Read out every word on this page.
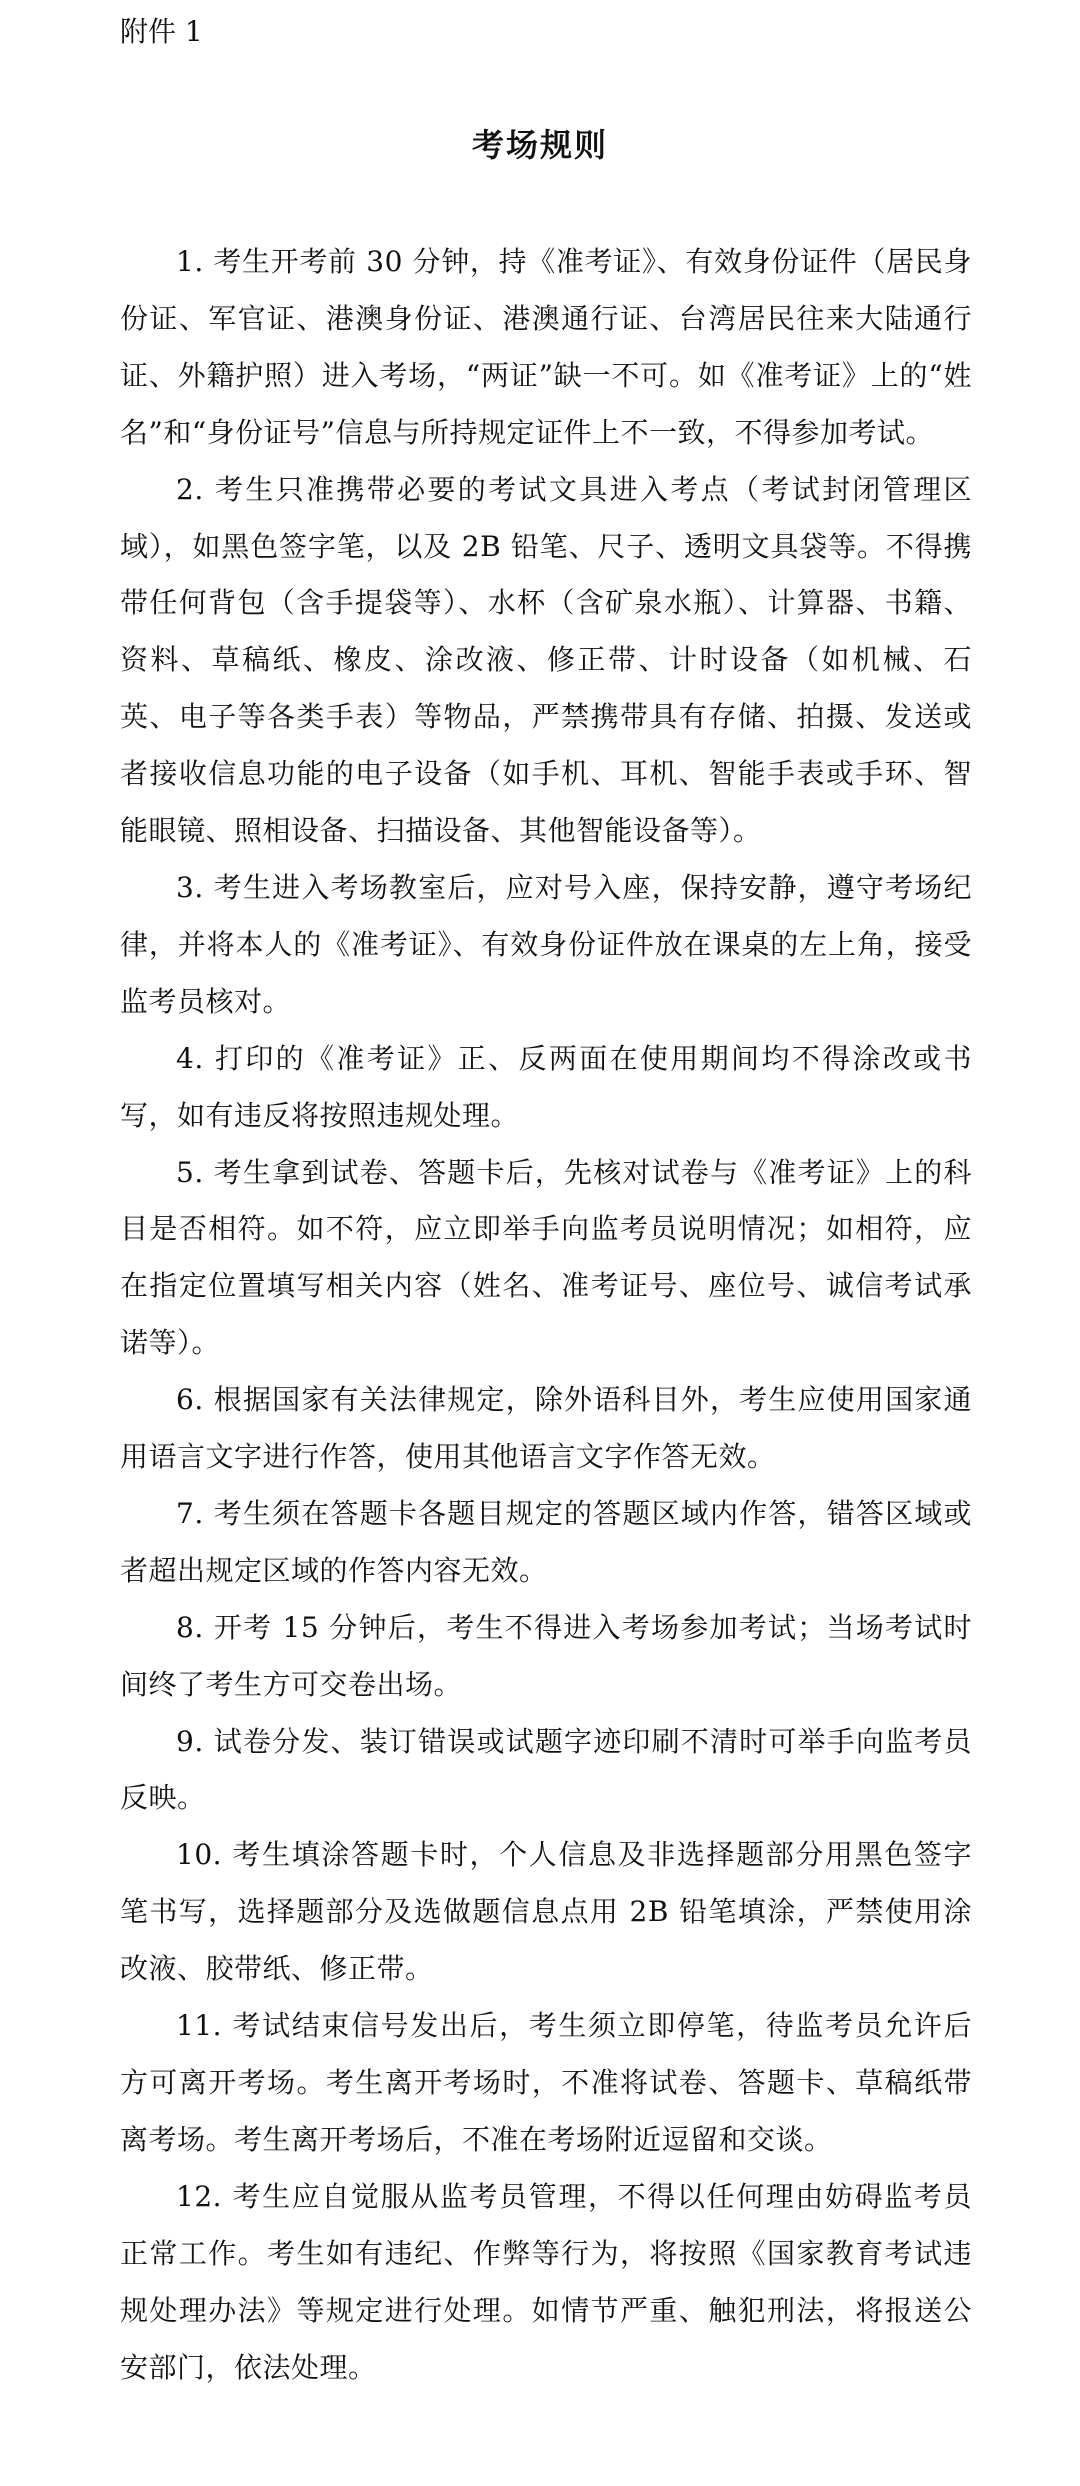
附件 1
考场规则

1. 考生开考前 30 分钟，持《准考证》、有效身份证件（居民身份证、军官证、港澳身份证、港澳通行证、台湾居民往来大陆通行证、外籍护照）进入考场，“两证”缺一不可。如《准考证》上的“姓名”和“身份证号”信息与所持规定证件上不一致，不得参加考试。

2. 考生只准携带必要的考试文具进入考点（考试封闭管理区域），如黑色签字笔，以及 2B 铅笔、尺子、透明文具袋等。不得携带任何背包（含手提袋等）、水杯（含矿泉水瓶）、计算器、书籍、资料、草稿纸、橡皮、涂改液、修正带、计时设备（如机械、石英、电子等各类手表）等物品，严禁携带具有存储、拍摄、发送或者接收信息功能的电子设备（如手机、耳机、智能手表或手环、智能眼镜、照相设备、扫描设备、其他智能设备等）。

3. 考生进入考场教室后，应对号入座，保持安静，遵守考场纪律，并将本人的《准考证》、有效身份证件放在课桌的左上角，接受监考员核对。

4. 打印的《准考证》正、反两面在使用期间均不得涂改或书写，如有违反将按照违规处理。

5. 考生拿到试卷、答题卡后，先核对试卷与《准考证》上的科目是否相符。如不符，应立即举手向监考员说明情况；如相符，应在指定位置填写相关内容（姓名、准考证号、座位号、诚信考试承诺等）。

6. 根据国家有关法律规定，除外语科目外，考生应使用国家通用语言文字进行作答，使用其他语言文字作答无效。

7. 考生须在答题卡各题目规定的答题区域内作答，错答区域或者超出规定区域的作答内容无效。

8. 开考 15 分钟后，考生不得进入考场参加考试；当场考试时间终了考生方可交卷出场。

9. 试卷分发、装订错误或试题字迹印刷不清时可举手向监考员反映。

10. 考生填涂答题卡时，个人信息及非选择题部分用黑色签字笔书写，选择题部分及选做题信息点用 2B 铅笔填涂，严禁使用涂改液、胶带纸、修正带。

11. 考试结束信号发出后，考生须立即停笔，待监考员允许后方可离开考场。考生离开考场时，不准将试卷、答题卡、草稿纸带离考场。考生离开考场后，不准在考场附近逗留和交谈。

12. 考生应自觉服从监考员管理，不得以任何理由妨碍监考员正常工作。考生如有违纪、作弊等行为，将按照《国家教育考试违规处理办法》等规定进行处理。如情节严重、触犯刑法，将报送公安部门，依法处理。
